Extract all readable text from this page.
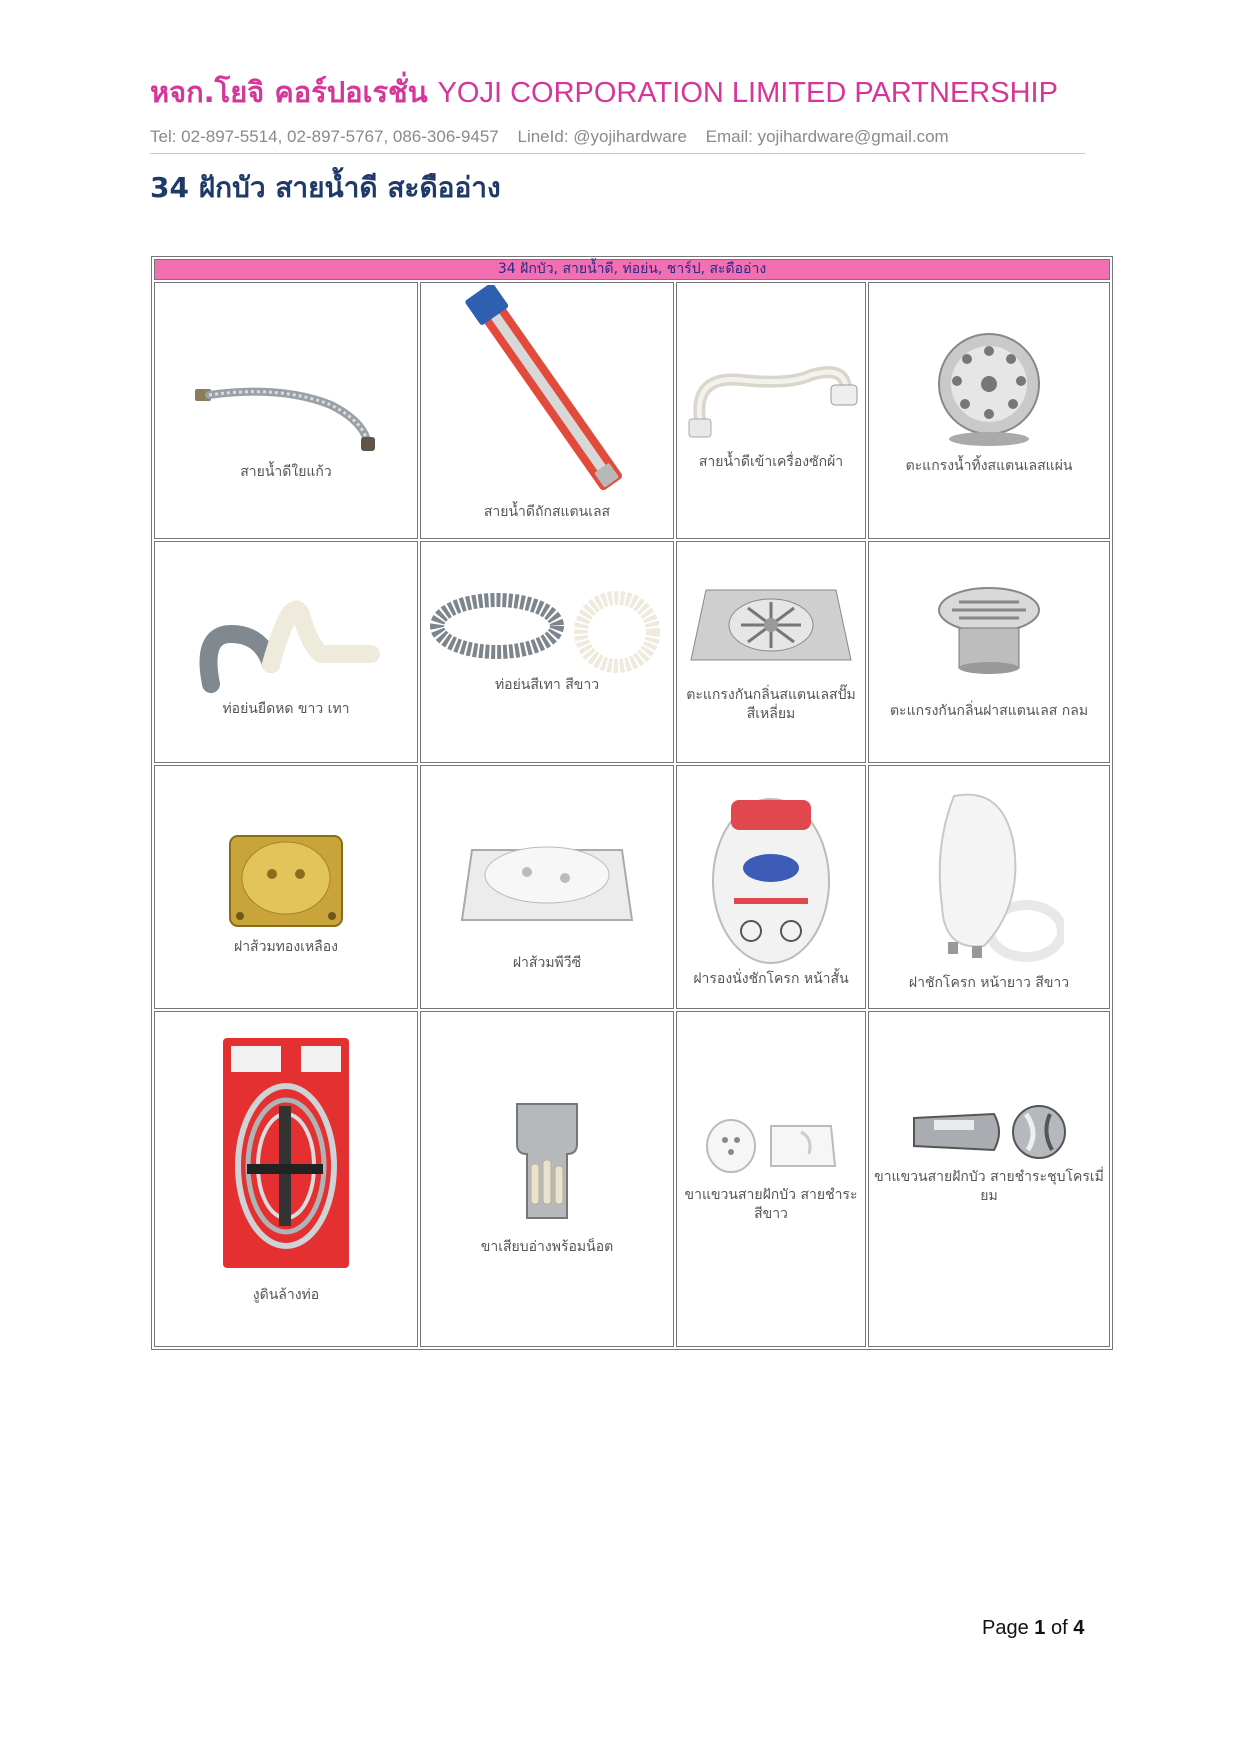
หจก.โยจิ คอร์ปอเรชั่น YOJI CORPORATION LIMITED PARTNERSHIP
Tel: 02-897-5514, 02-897-5767, 086-306-9457 LineId: @yojihardware Email: yojihardware@gmail.com
34 ฝักบัว สายน้ำดี สะดืออ่าง
34 ฝักบัว, สายน้ำดี, ท่อย่น, ชาร์ป, สะดืออ่าง			

สายน้ำดีใยแก้ว	สายน้ำดีถักสแตนเลส	สายน้ำดีเข้าเครื่องซักผ้า	ตะแกรงน้ำทิ้งสแตนเลสแผ่น

ท่อย่นยืดหด ขาว เทา	ท่อย่นสีเทา สีขาว	ตะแกรงกันกลิ่นสแตนเลสปั๊ม สีเหลี่ยม	ตะแกรงกันกลิ่นฝาสแตนเลส กลม

ฝาส้วมทองเหลือง	ฝาส้วมพีวีซี	ฝารองนั่งชักโครก หน้าสั้น	ฝาชักโครก หน้ายาว สีขาว

งูดินล้างท่อ	ขาเสียบอ่างพร้อมน็อต	ขาแขวนสายฝักบัว สายชำระสีขาว	ขาแขวนสายฝักบัว สายชำระชุบโครเมี่ยม
Page 1 of 4
